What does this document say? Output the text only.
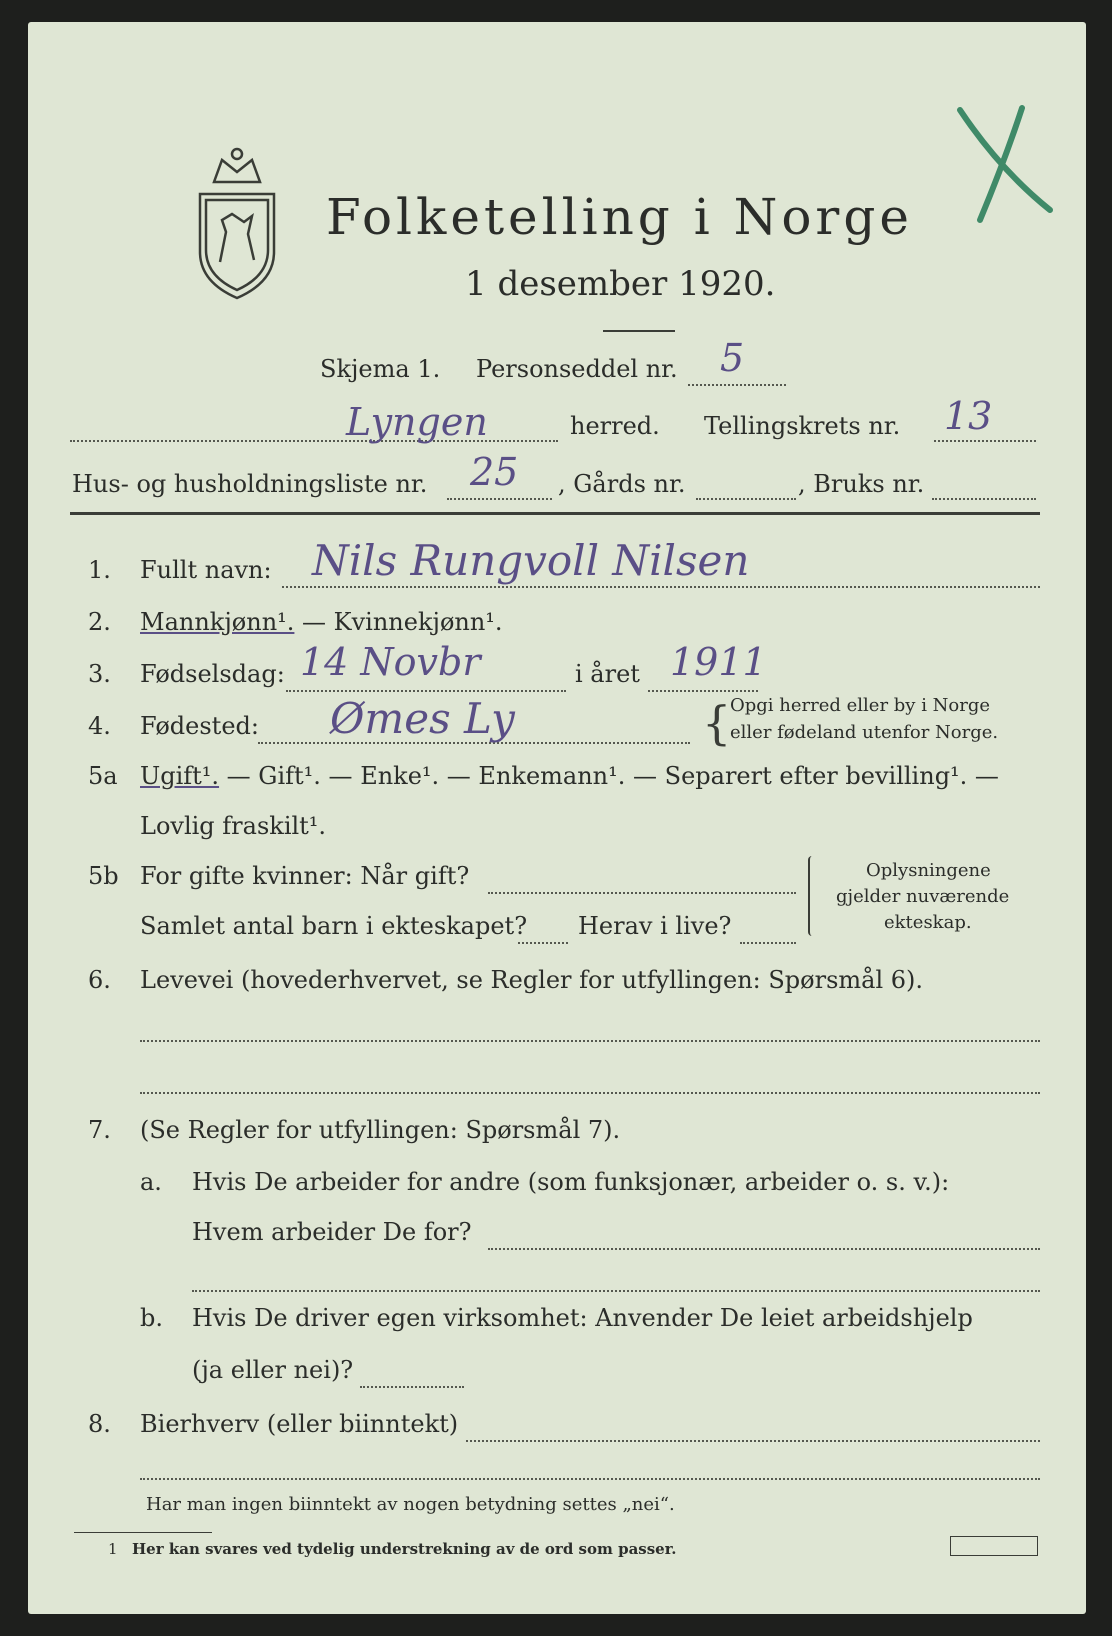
Folketelling i Norge
1 desember 1920.
Skjema 1. Personseddel nr. 5
Lyngen	herred. Tellingskrets nr. 13
Hus- og husholdningsliste nr. 25 , Gårds nr.	, Bruks nr.
1. Fullt navn: Nils Rungvoll Nilsen
2. Mannkjønn¹. — Kvinnekjønn¹.
3. Fødselsdag: 14 Novbr	i året 1911
4. Fødested: Ømes Ly	{
Opgi herred eller by i Norge
eller fødeland utenfor Norge.
5a Ugift¹. — Gift¹. — Enke¹. — Enkemann¹. — Separert efter bevilling¹. —
Lovlig fraskilt¹.
5b For gifte kvinner: Når gift?
Samlet antal barn i ekteskapet? Herav i live?
Oplysningene
gjelder nuværende
ekteskap.
6. Levevei (hovederhvervet, se Regler for utfyllingen: Spørsmål 6).
7. (Se Regler for utfyllingen: Spørsmål 7).
a. Hvis De arbeider for andre (som funksjonær, arbeider o. s. v.):
Hvem arbeider De for?
b. Hvis De driver egen virksomhet: Anvender De leiet arbeidshjelp
(ja eller nei)?
8. Bierhverv (eller biinntekt)
Har man ingen biinntekt av nogen betydning settes „nei“.
1 Her kan svares ved tydelig understrekning av de ord som passer.
